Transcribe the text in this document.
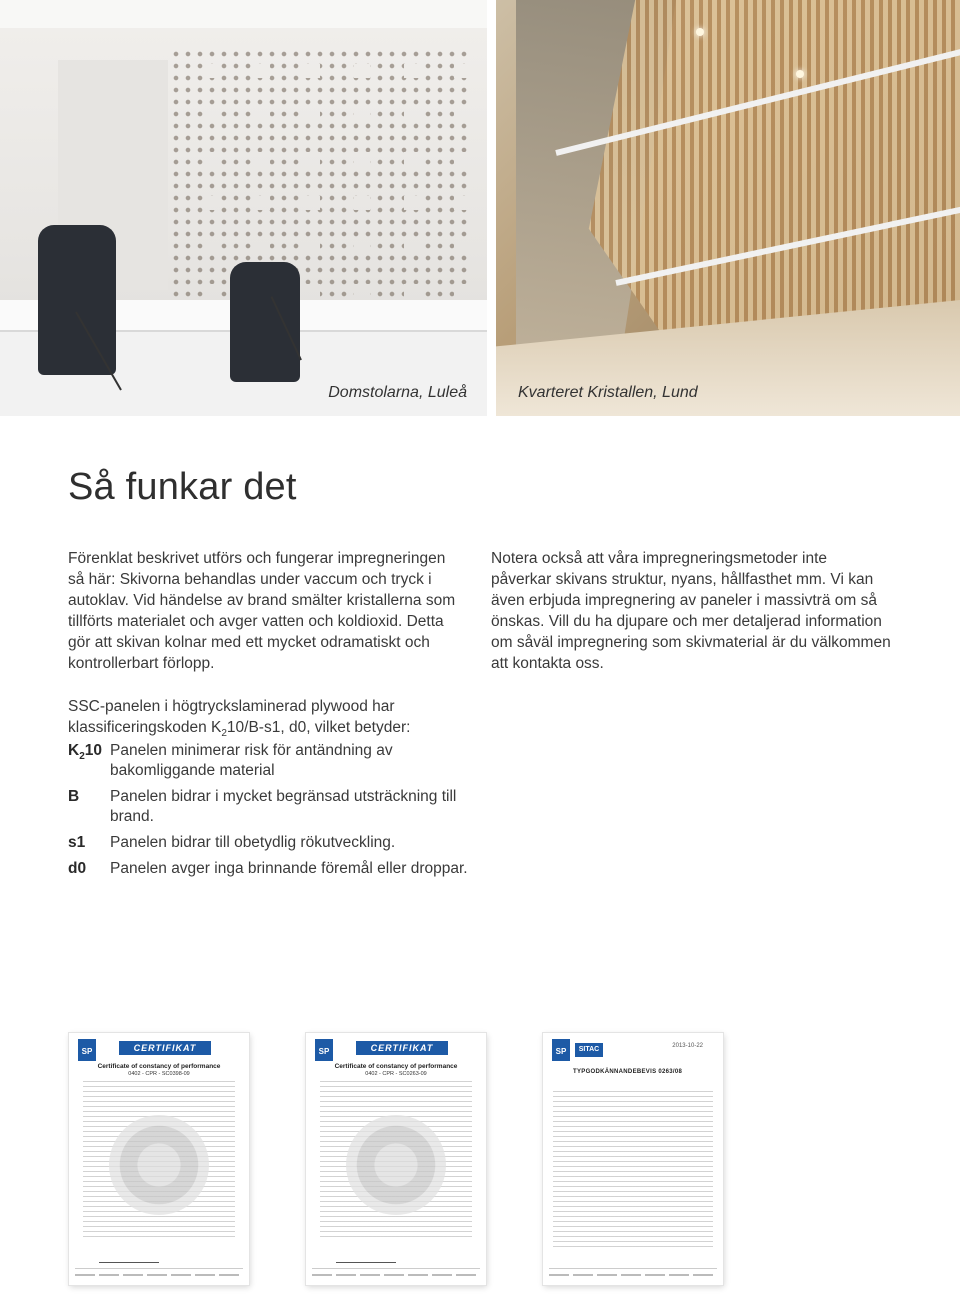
Domstolarna, Luleå	Kvarteret Kristallen, Lund
Så funkar det

Förenklat beskrivet utförs och fungerar impregneringen så här: Skivorna behandlas under vaccum och tryck i autoklav. Vid händelse av brand smälter kristallerna som tillförts materialet och avger vatten och koldioxid. Detta gör att skivan kolnar med ett mycket odramatiskt och kontrollerbart förlopp.

Notera också att våra impregneringsmetoder inte påverkar skivans struktur, nyans, hållfasthet mm. Vi kan även erbjuda impregnering av paneler i massivträ om så önskas. Vill du ha djupare och mer detaljerad information om såväl impregnering som skivmaterial är du välkommen att kontakta oss.

SSC-panelen i högtryckslaminerad plywood har klassificeringskoden $K_210/B-s1$, d0, vilket betyder:

$K_210$ Panelen minimerar risk för antändning av bakomliggande material
B	Panelen bidrar i mycket begränsad utsträckning till brand.
s1	Panelen bidrar till obetydlig rökutveckling.
d0	Panelen avger inga brinnande föremål eller droppar.
SP	CERTIFIKAT
Certificate of constancy of performance
0402 - CPR - SC0398-09
SP	CERTIFIKAT
Certificate of constancy of performance
0402 - CPR - SC0263-09
SP	SITAC	2013-10-22
TYPGODKÄNNANDEBEVIS 0263/08
